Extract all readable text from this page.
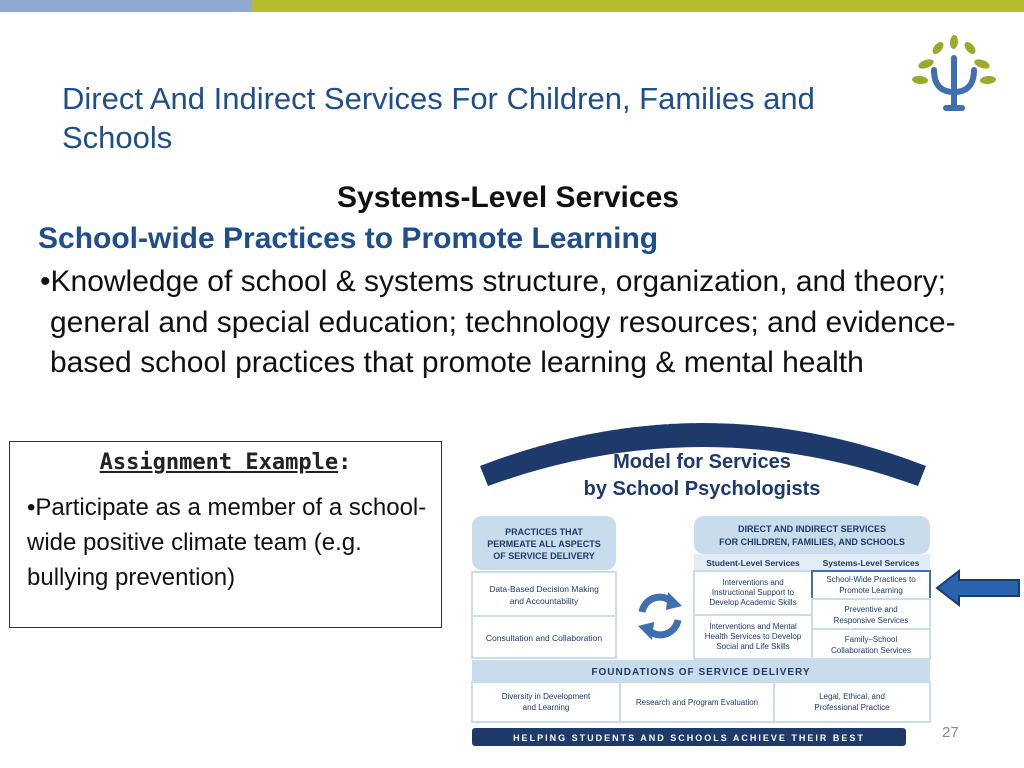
Direct And Indirect Services For Children, Families and Schools
Systems-Level Services
School-wide Practices to Promote Learning
•Knowledge of school & systems structure, organization, and theory; general and special education; technology resources; and evidence-based school practices that promote learning & mental health
Assignment Example:
•Participate as a member of a school-wide positive climate team (e.g. bullying prevention)
NATIONAL ASSOCIATION OF SCHOOL PSYCHOLOGISTS
Model for Services
by School Psychologists
PRACTICES THAT
PERMEATE ALL ASPECTS
OF SERVICE DELIVERY
Data-Based Decision Making
and Accountability
Consultation and Collaboration
DIRECT AND INDIRECT SERVICES
FOR CHILDREN, FAMILIES, AND SCHOOLS
Student-Level Services	Systems-Level Services
Interventions and
Instructional Support to
Develop Academic Skills
Interventions and Mental
Health Services to Develop
Social and Life Skills
School-Wide Practices to
Promote Learning
Preventive and
Responsive Services
Family–School
Collaboration Services
FOUNDATIONS OF SERVICE DELIVERY
Diversity in Development
and Learning
Research and Program Evaluation
Legal, Ethical, and
Professional Practice
HELPING STUDENTS AND SCHOOLS ACHIEVE THEIR BEST	27
